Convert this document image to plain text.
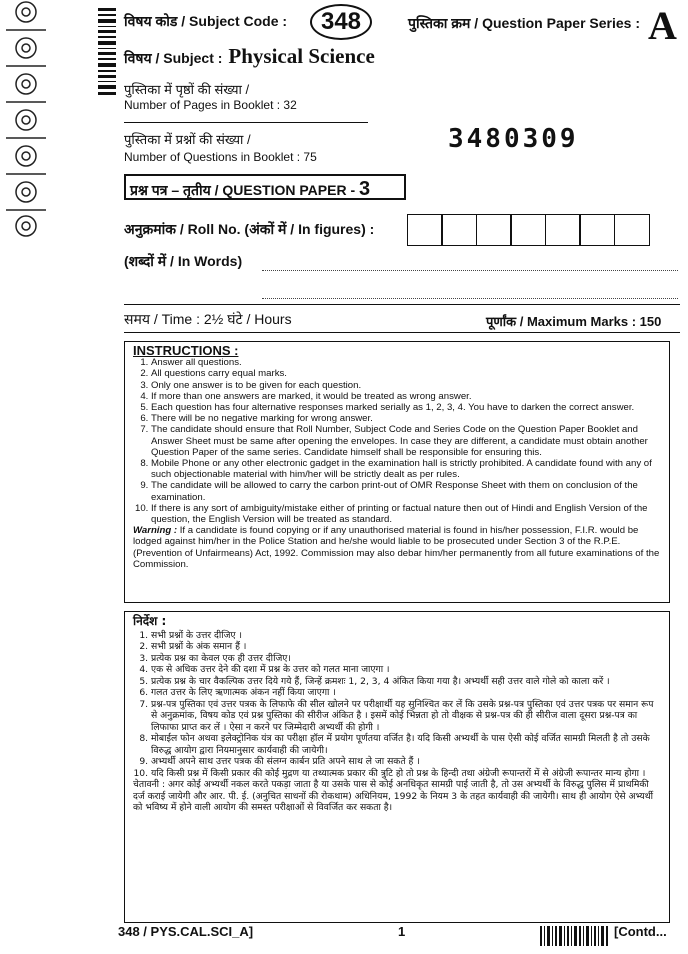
विषय कोड / Subject Code :	348	पुस्तिका क्रम / Question Paper Series : A
विषय / Subject : Physical Science
पुस्तिका में पृष्ठों की संख्या /
Number of Pages in Booklet : 32
पुस्तिका में प्रश्नों की संख्या /
Number of Questions in Booklet : 75
3480309
प्रश्न पत्र – तृतीय / QUESTION PAPER - 3
अनुक्रमांक / Roll No. (अंकों में / In figures) :
(शब्दों में / In Words)
समय / Time : 2½ घंटे / Hours	पूर्णांक / Maximum Marks : 150
INSTRUCTIONS :
1. Answer all questions.
2. All questions carry equal marks.
3. Only one answer is to be given for each question.
4. If more than one answers are marked, it would be treated as wrong answer.
5. Each question has four alternative responses marked serially as 1, 2, 3, 4. You have to darken the correct answer.
6. There will be no negative marking for wrong answer.
7. The candidate should ensure that Roll Number, Subject Code and Series Code on the Question Paper Booklet and Answer Sheet must be same after opening the envelopes. In case they are different, a candidate must obtain another Question Paper of the same series. Candidate himself shall be responsible for ensuring this.
8. Mobile Phone or any other electronic gadget in the examination hall is strictly prohibited. A candidate found with any of such objectionable material with him/her will be strictly dealt as per rules.
9. The candidate will be allowed to carry the carbon print-out of OMR Response Sheet with them on conclusion of the examination.
10. If there is any sort of ambiguity/mistake either of printing or factual nature then out of Hindi and English Version of the question, the English Version will be treated as standard.
Warning : If a candidate is found copying or if any unauthorised material is found in his/her possession, F.I.R. would be lodged against him/her in the Police Station and he/she would liable to be prosecuted under Section 3 of the R.P.E. (Prevention of Unfairmeans) Act, 1992. Commission may also debar him/her permanently from all future examinations of the Commission.
निर्देश :
1. सभी प्रश्नों के उत्तर दीजिए ।
2. सभी प्रश्नों के अंक समान हैं ।
3. प्रत्येक प्रश्न का केवल एक ही उत्तर दीजिए।
4. एक से अधिक उत्तर देने की दशा में प्रश्न के उत्तर को गलत माना जाएगा ।
5. प्रत्येक प्रश्न के चार वैकल्पिक उत्तर दिये गये हैं, जिन्हें क्रमशः 1, 2, 3, 4 अंकित किया गया है। अभ्यर्थी सही उत्तर वाले गोले को काला करें ।
6. गलत उत्तर के लिए ऋणात्मक अंकन नहीं किया जाएगा ।
7. प्रश्न-पत्र पुस्तिका एवं उत्तर पत्रक के लिफाफे की सील खोलने पर परीक्षार्थी यह सुनिश्चित कर लें कि उसके प्रश्न-पत्र पुस्तिका एवं उत्तर पत्रक पर समान रूप से अनुक्रमांक, विषय कोड एवं प्रश्न पुस्तिका की सीरीज अंकित है । इसमें कोई भिन्नता हो तो वीक्षक से प्रश्न-पत्र की ही सीरीज वाला दूसरा प्रश्न-पत्र का लिफाफा प्राप्त कर लें । ऐसा न करने पर जिम्मेदारी अभ्यर्थी की होगी ।
8. मोबाईल फोन अथवा इलेक्ट्रोनिक यंत्र का परीक्षा हॉल में प्रयोग पूर्णतया वर्जित है। यदि किसी अभ्यर्थी के पास ऐसी कोई वर्जित सामग्री मिलती है तो उसके विरुद्ध आयोग द्वारा नियमानुसार कार्यवाही की जायेगी।
9. अभ्यर्थी अपने साथ उत्तर पत्रक की संलग्न कार्बन प्रति अपने साथ ले जा सकते हैं ।
10. यदि किसी प्रश्न में किसी प्रकार की कोई मुद्रण या तथ्यात्मक प्रकार की त्रुटि हो तो प्रश्न के हिन्दी तथा अंग्रेजी रूपान्तरों में से अंग्रेजी रूपान्तर मान्य होगा ।
चेतावनी : अगर कोई अभ्यर्थी नकल करते पकड़ा जाता है या उसके पास से कोई अनधिकृत सामग्री पाई जाती है, तो उस अभ्यर्थी के विरुद्ध पुलिस में प्राथमिकी दर्ज कराई जायेगी और आर. पी. ई. (अनुचित साधनों की रोकथाम) अधिनियम, 1992 के नियम 3 के तहत कार्यवाही की जायेगी। साथ ही आयोग ऐसे अभ्यर्थी को भविष्य में होने वाली आयोग की समस्त परीक्षाओं से विवर्जित कर सकता है।
348 / PYS.CAL.SCI_A]	1	[Contd...
